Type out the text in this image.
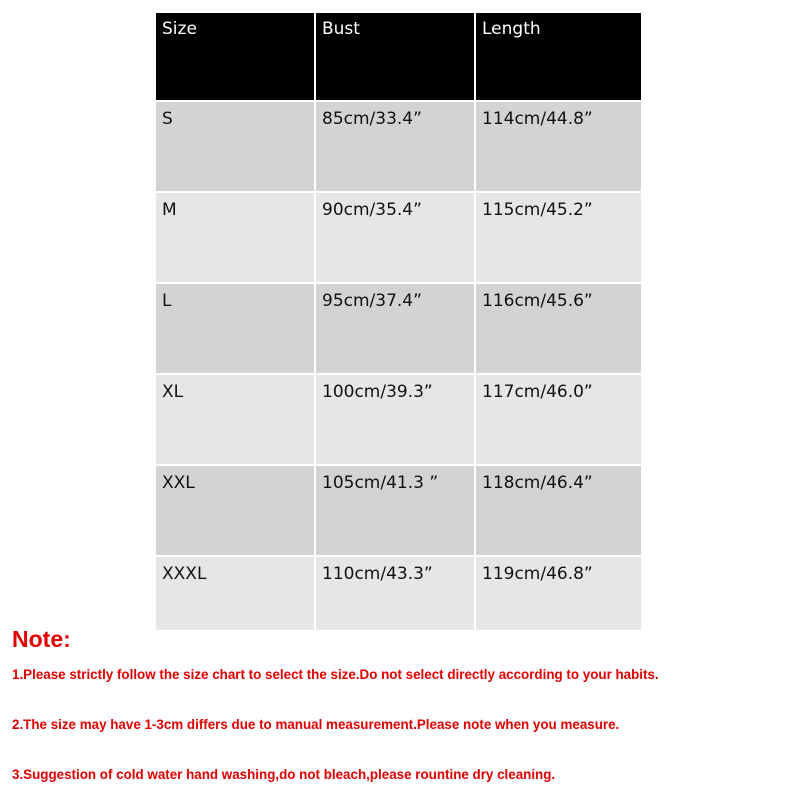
Size	Bust	Length
S	85cm/33.4”	114cm/44.8”
M	90cm/35.4”	115cm/45.2”
L	95cm/37.4”	116cm/45.6”
XL	100cm/39.3”	117cm/46.0”
XXL	105cm/41.3 ”	118cm/46.4”
XXXL	110cm/43.3”	119cm/46.8”

Note:

1.Please strictly follow the size chart to select the size.Do not select directly according to your habits.

2.The size may have 1-3cm differs due to manual measurement.Please note when you measure.

3.Suggestion of cold water hand washing,do not bleach,please rountine dry cleaning.
